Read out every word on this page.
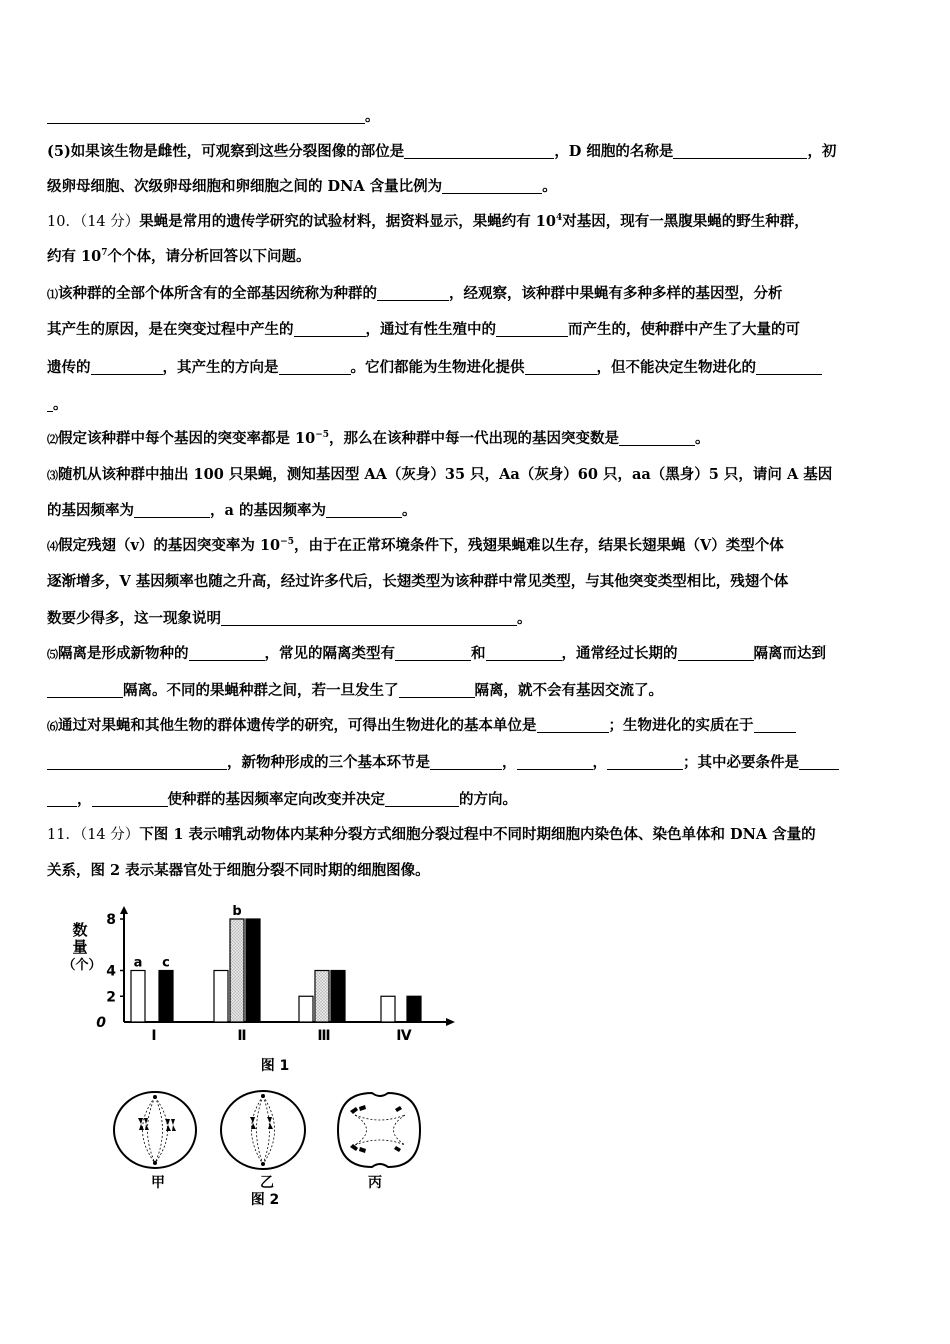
。
(5)如果该生物是雌性，可观察到这些分裂图像的部位是	，D 细胞的名称是	，初
级卵母细胞、次级卵母细胞和卵细胞之间的 DNA 含量比例为	。
10．（14 分）果蝇是常用的遗传学研究的试验材料，据资料显示，果蝇约有 $10^4$对基因，现有一黑腹果蝇的野生种群，
约有 $10^7$个个体，请分析回答以下问题。
⑴该种群的全部个体所含有的全部基因统称为种群的	，经观察，该种群中果蝇有多种多样的基因型，分析
其产生的原因，是在突变过程中产生的	，通过有性生殖中的	而产生的，使种群中产生了大量的可
遗传的	，其产生的方向是	。它们都能为生物进化提供	，但不能决定生物进化的
。
⑵假定该种群中每个基因的突变率都是 $10^{-5}$，那么在该种群中每一代出现的基因突变数是	。
⑶随机从该种群中抽出 100 只果蝇，测知基因型 AA（灰身）35 只，Aa（灰身）60 只，aa（黑身）5 只，请问 A 基因
的基因频率为	，a 的基因频率为	。
⑷假定残翅（v）的基因突变率为 $10^{-5}$，由于在正常环境条件下，残翅果蝇难以生存，结果长翅果蝇（V）类型个体
逐渐增多，V 基因频率也随之升高，经过许多代后，长翅类型为该种群中常见类型，与其他突变类型相比，残翅个体
数要少得多，这一现象说明	。
⑸隔离是形成新物种的	，常见的隔离类型有	和	，通常经过长期的	隔离而达到
隔离。不同的果蝇种群之间，若一旦发生了	隔离，就不会有基因交流了。
⑹通过对果蝇和其他生物的群体遗传学的研究，可得出生物进化的基本单位是	；生物进化的实质在于
，新物种形成的三个基本环节是	，	，	；其中必要条件是
，	使种群的基因频率定向改变并决定	的方向。
11．（14 分）下图 1 表示哺乳动物体内某种分裂方式细胞分裂过程中不同时期细胞内染色体、染色单体和 DNA 含量的
关系，图 2 表示某器官处于细胞分裂不同时期的细胞图像。
数
量
（个）
0
2
4
8
a c
b
Ⅰ	Ⅱ	Ⅲ	Ⅳ
图 1
甲	乙	丙
图 2
